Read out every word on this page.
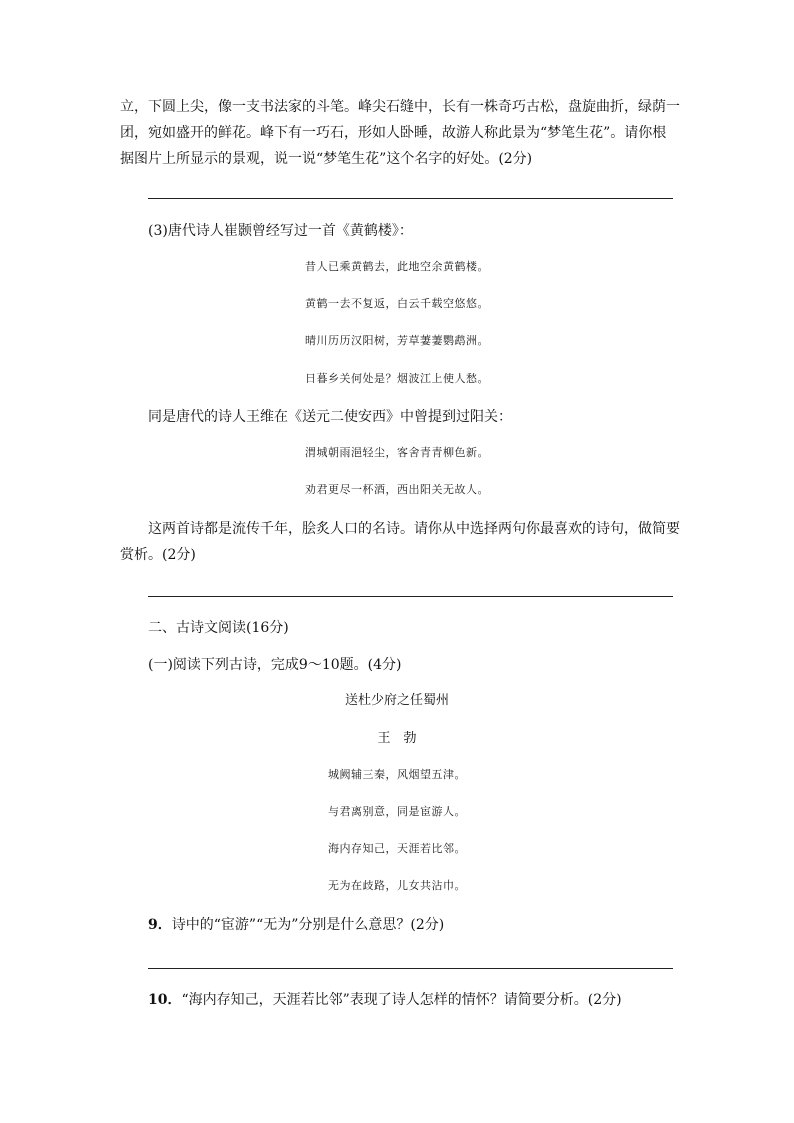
立，下圆上尖，像一支书法家的斗笔。峰尖石缝中，长有一株奇巧古松，盘旋曲折，绿荫一
团，宛如盛开的鲜花。峰下有一巧石，形如人卧睡，故游人称此景为“梦笔生花”。请你根
据图片上所显示的景观，说一说“梦笔生花”这个名字的好处。(2分)
(3)唐代诗人崔颢曾经写过一首《黄鹤楼》：
昔人已乘黄鹤去，此地空余黄鹤楼。
黄鹤一去不复返，白云千载空悠悠。
晴川历历汉阳树，芳草萋萋鹦鹉洲。
日暮乡关何处是？烟波江上使人愁。
同是唐代的诗人王维在《送元二使安西》中曾提到过阳关：
渭城朝雨浥轻尘，客舍青青柳色新。
劝君更尽一杯酒，西出阳关无故人。
这两首诗都是流传千年，脍炙人口的名诗。请你从中选择两句你最喜欢的诗句，做简要
赏析。(2分)
二、古诗文阅读(16分)
(一)阅读下列古诗，完成9～10题。(4分)
送杜少府之任蜀州
王　勃
城阙辅三秦，风烟望五津。
与君离别意，同是宦游人。
海内存知己，天涯若比邻。
无为在歧路，儿女共沾巾。
9．诗中的“宦游”“无为”分别是什么意思？(2分)
10．“海内存知己，天涯若比邻”表现了诗人怎样的情怀？请简要分析。(2分)
